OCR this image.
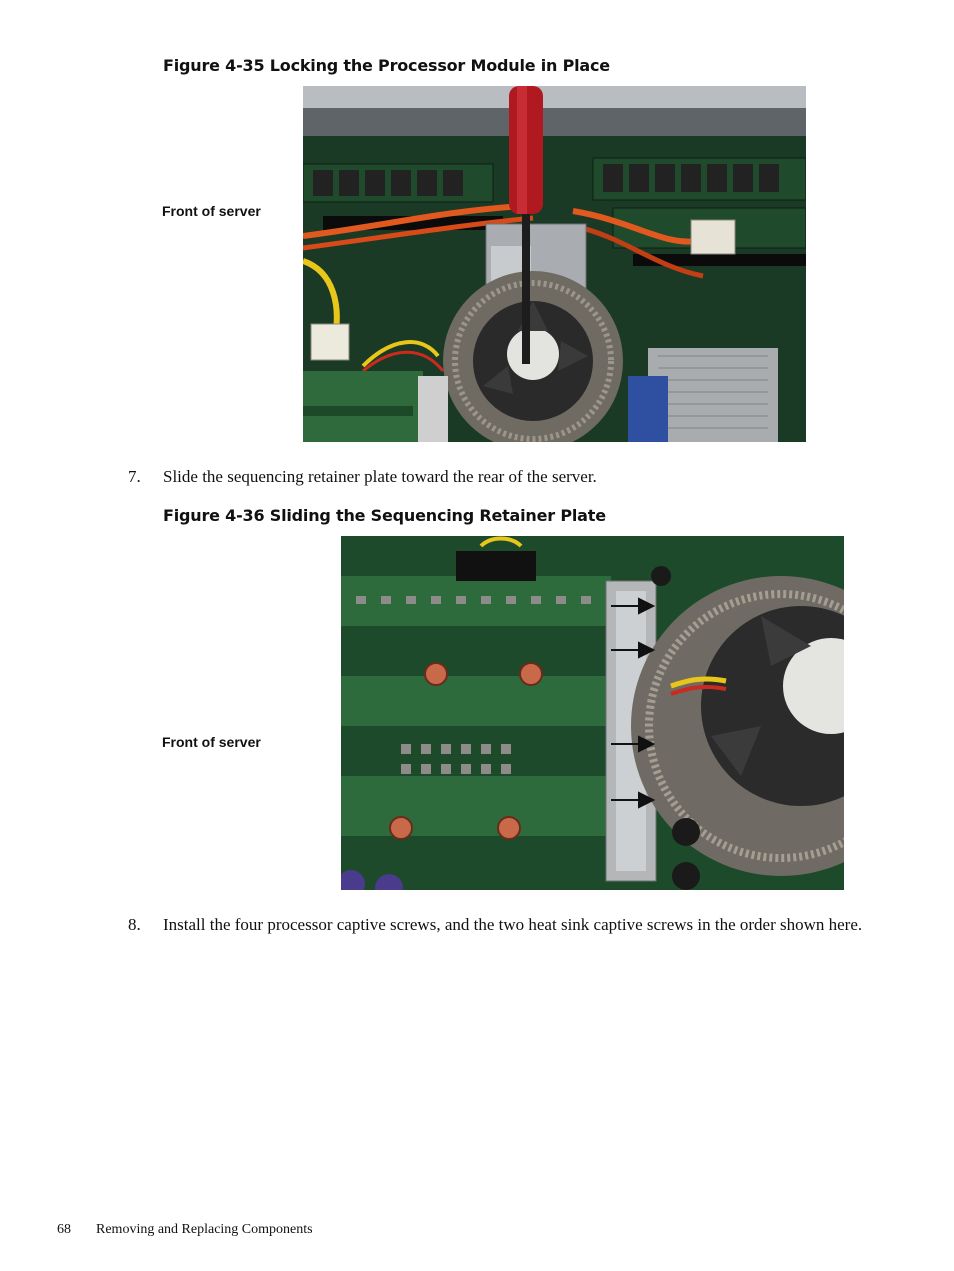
Figure 4-35 Locking the Processor Module in Place
Front of server
7.	Slide the sequencing retainer plate toward the rear of the server.
Figure 4-36 Sliding the Sequencing Retainer Plate
Front of server
8.	Install the four processor captive screws, and the two heat sink captive screws in the order shown here.
68 Removing and Replacing Components
